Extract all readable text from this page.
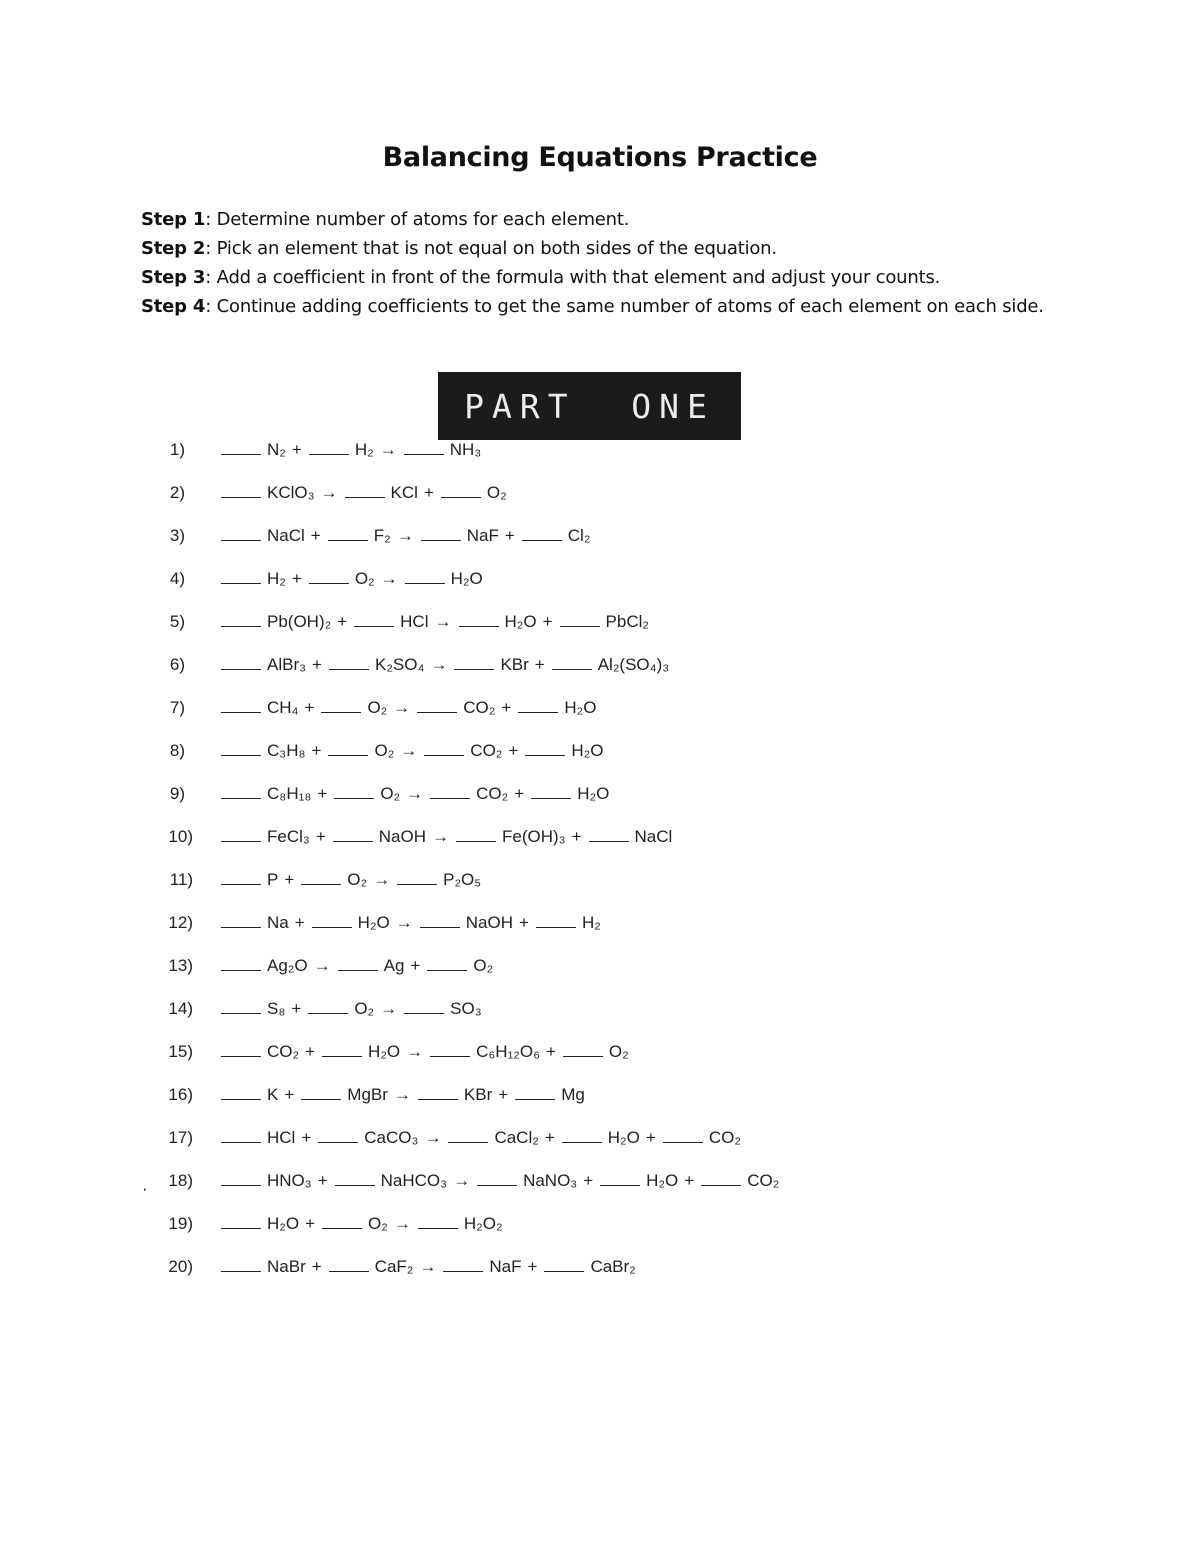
Balancing Equations Practice

Step 1: Determine number of atoms for each element.

Step 2: Pick an element that is not equal on both sides of the equation.

Step 3: Add a coefficient in front of the formula with that element and adjust your counts.

Step 4: Continue adding coefficients to get the same number of atoms of each element on each side.

PART  ONE
1)	N₂ +	H₂ →	NH₃
2)	KClO₃ →	KCl +	O₂
3)	NaCl +	F₂ →	NaF +	Cl₂
4)	H₂ +	O₂ →	H₂O
5)	Pb(OH)₂ +	HCl →	H₂O +	PbCl₂
6)	AlBr₃ +	K₂SO₄ →	KBr +	Al₂(SO₄)₃
7)	CH₄ +	O₂ →	CO₂ +	H₂O
8)	C₃H₈ +	O₂ →	CO₂ +	H₂O
9)	C₈H₁₈ +	O₂ →	CO₂ +	H₂O
10)	FeCl₃ +	NaOH →	Fe(OH)₃ +	NaCl
11)	P +	O₂ →	P₂O₅
12)	Na +	H₂O →	NaOH +	H₂
13)	Ag₂O →	Ag +	O₂
14)	S₈ +	O₂ →	SO₃
15)	CO₂ +	H₂O →	C₆H₁₂O₆ +	O₂
16)	K +	MgBr →	KBr +	Mg
17)	HCl +	CaCO₃ →	CaCl₂ +	H₂O +	CO₂
18)	HNO₃ +	NaHCO₃ →	NaNO₃ +	H₂O +	CO₂
19)	H₂O +	O₂ →	H₂O₂
20)	NaBr +	CaF₂ →	NaF +	CaBr₂
·
